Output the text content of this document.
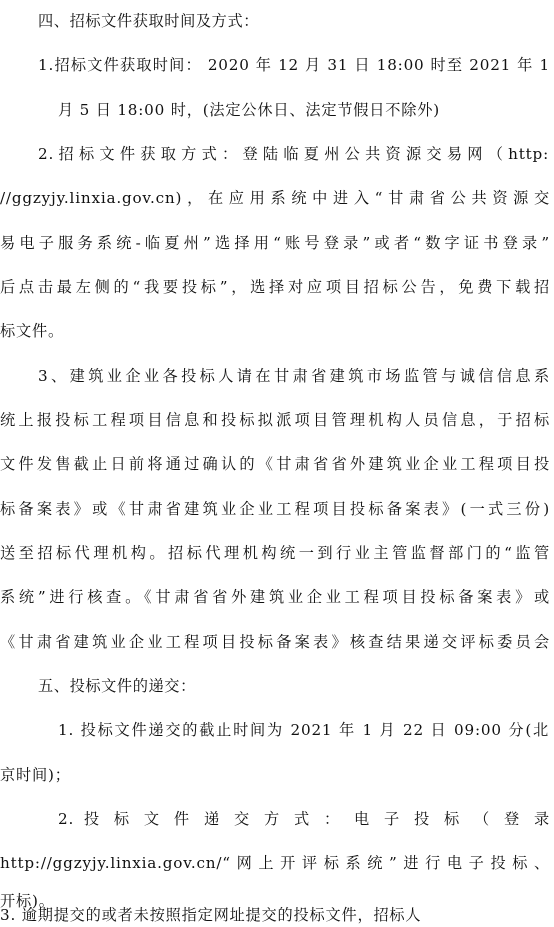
四、招标文件获取时间及方式：
1.招标文件获取时间： 2020 年 12 月 31 日 18:00 时至 2021 年 1
月 5 日 18:00 时，(法定公休日、法定节假日不除外)
2.招标文件获取方式：登陆临夏州公共资源交易网（http:
//ggzyjy.linxia.gov.cn)，在应用系统中进入“甘肃省公共资源交
易电子服务系统-临夏州”选择用“账号登录”或者“数字证书登录”
后点击最左侧的“我要投标”，选择对应项目招标公告，免费下载招
标文件。
3、建筑业企业各投标人请在甘肃省建筑市场监管与诚信信息系
统上报投标工程项目信息和投标拟派项目管理机构人员信息，于招标
文件发售截止日前将通过确认的《甘肃省省外建筑业企业工程项目投
标备案表》或《甘肃省建筑业企业工程项目投标备案表》(一式三份)
送至招标代理机构。招标代理机构统一到行业主管监督部门的“监管
系统”进行核查。《甘肃省省外建筑业企业工程项目投标备案表》或
《甘肃省建筑业企业工程项目投标备案表》核查结果递交评标委员会
五、投标文件的递交：
1. 投标文件递交的截止时间为 2021 年 1 月 22 日 09:00 分(北
京时间)；
2. 投 标 文 件 递 交 方 式 ： 电 子 投 标 （ 登 录
http://ggzyjy.linxia.gov.cn/“网上开评标系统”进行电子投标、
开标)。
3. 逾期提交的或者未按照指定网址提交的投标文件，招标人
